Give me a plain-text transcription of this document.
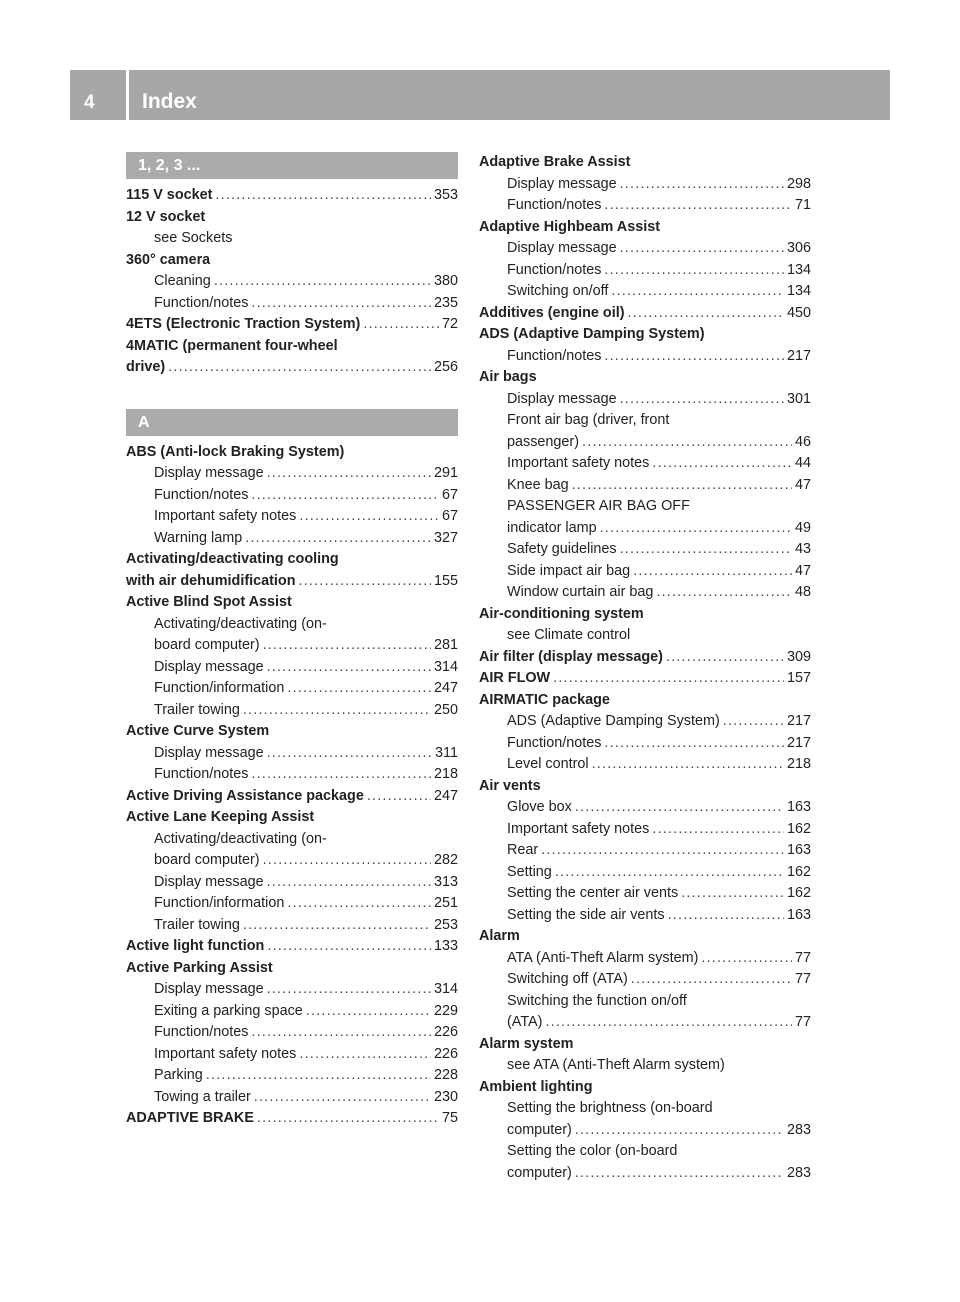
4 Index
1, 2, 3 ...
115 V socket .....	353
12 V socket
see Sockets
360° camera
Cleaning .....	380
Function/notes .....	235
4ETS (Electronic Traction System) .....	72
4MATIC (permanent four-wheel
drive) .....	256
A
ABS (Anti-lock Braking System)
Display message .....	291
Function/notes .....	67
Important safety notes .....	67
Warning lamp .....	327
Activating/deactivating cooling
with air dehumidification .....	155
Active Blind Spot Assist
Activating/deactivating (on-
board computer) .....	281
Display message .....	314
Function/information .....	247
Trailer towing .....	250
Active Curve System
Display message .....	311
Function/notes .....	218
Active Driving Assistance package .....	247
Active Lane Keeping Assist
Activating/deactivating (on-
board computer) .....	282
Display message .....	313
Function/information .....	251
Trailer towing .....	253
Active light function .....	133
Active Parking Assist
Display message .....	314
Exiting a parking space .....	229
Function/notes .....	226
Important safety notes .....	226
Parking .....	228
Towing a trailer .....	230
ADAPTIVE BRAKE .....	75
Adaptive Brake Assist
Display message .....	298
Function/notes .....	71
Adaptive Highbeam Assist
Display message .....	306
Function/notes .....	134
Switching on/off .....	134
Additives (engine oil) .....	450
ADS (Adaptive Damping System)
Function/notes .....	217
Air bags
Display message .....	301
Front air bag (driver, front
passenger) .....	46
Important safety notes .....	44
Knee bag .....	47
PASSENGER AIR BAG OFF
indicator lamp .....	49
Safety guidelines .....	43
Side impact air bag .....	47
Window curtain air bag .....	48
Air-conditioning system
see Climate control
Air filter (display message) .....	309
AIR FLOW .....	157
AIRMATIC package
ADS (Adaptive Damping System) .....	217
Function/notes .....	217
Level control .....	218
Air vents
Glove box .....	163
Important safety notes .....	162
Rear .....	163
Setting .....	162
Setting the center air vents .....	162
Setting the side air vents .....	163
Alarm
ATA (Anti-Theft Alarm system) .....	77
Switching off (ATA) .....	77
Switching the function on/off
(ATA) .....	77
Alarm system
see ATA (Anti-Theft Alarm system)
Ambient lighting
Setting the brightness (on-board
computer) .....	283
Setting the color (on-board
computer) .....	283
